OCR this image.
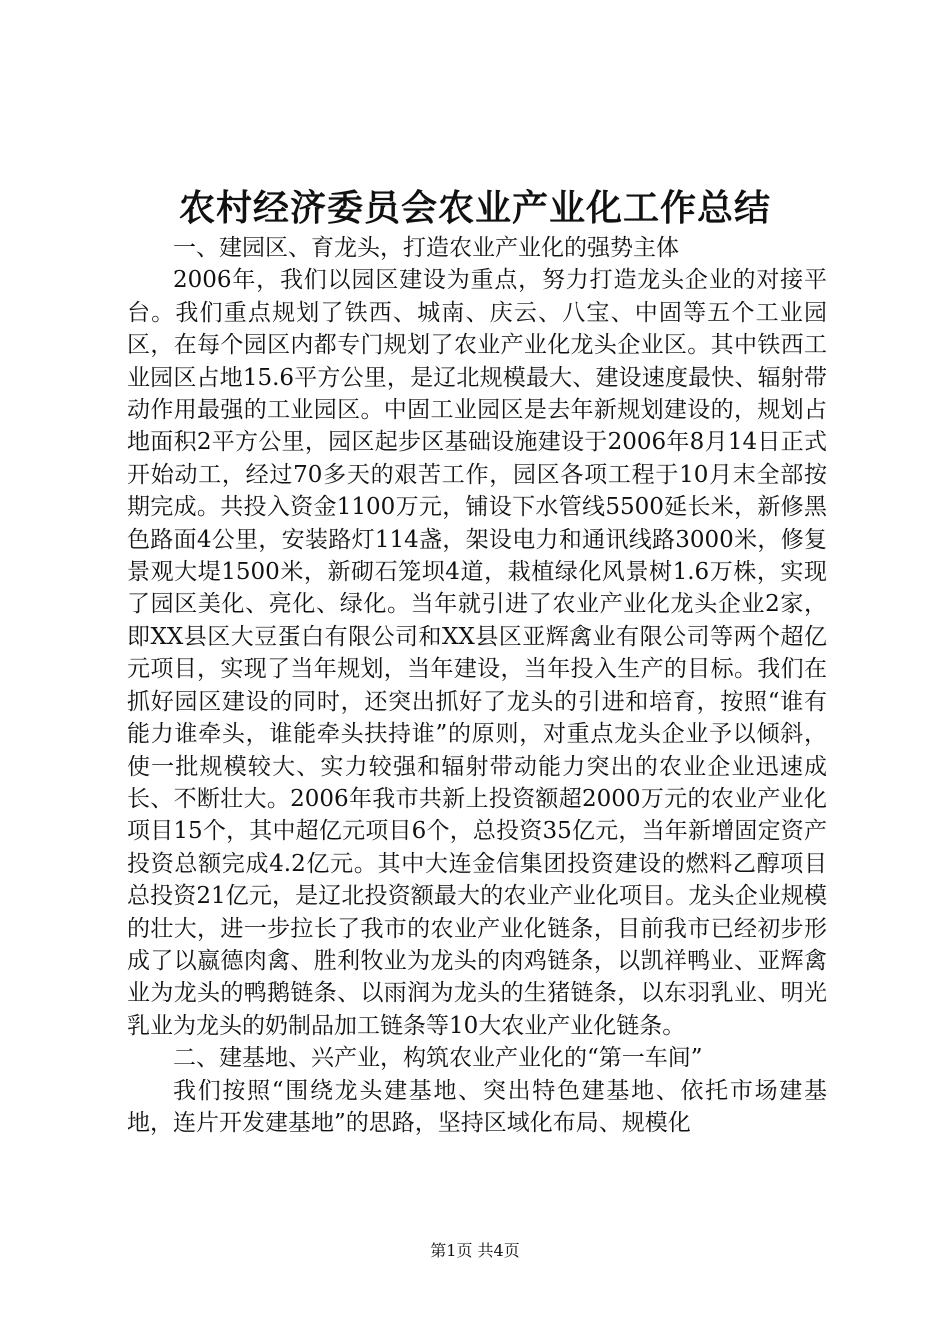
农村经济委员会农业产业化工作总结

一、建园区、育龙头，打造农业产业化的强势主体

2006年，我们以园区建设为重点，努力打造龙头企业的对接平台。我们重点规划了铁西、城南、庆云、八宝、中固等五个工业园区，在每个园区内都专门规划了农业产业化龙头企业区。其中铁西工业园区占地15.6平方公里，是辽北规模最大、建设速度最快、辐射带动作用最强的工业园区。中固工业园区是去年新规划建设的，规划占地面积2平方公里，园区起步区基础设施建设于2006年8月14日正式开始动工，经过70多天的艰苦工作，园区各项工程于10月末全部按期完成。共投入资金1100万元，铺设下水管线5500延长米，新修黑色路面4公里，安装路灯114盏，架设电力和通讯线路3000米，修复景观大堤1500米，新砌石笼坝4道，栽植绿化风景树1.6万株，实现了园区美化、亮化、绿化。当年就引进了农业产业化龙头企业2家，即XX县区大豆蛋白有限公司和XX县区亚辉禽业有限公司等两个超亿元项目，实现了当年规划，当年建设，当年投入生产的目标。我们在抓好园区建设的同时，还突出抓好了龙头的引进和培育，按照“谁有能力谁牵头，谁能牵头扶持谁”的原则，对重点龙头企业予以倾斜，使一批规模较大、实力较强和辐射带动能力突出的农业企业迅速成长、不断壮大。2006年我市共新上投资额超2000万元的农业产业化项目15个，其中超亿元项目6个，总投资35亿元，当年新增固定资产投资总额完成4.2亿元。其中大连金信集团投资建设的燃料乙醇项目总投资21亿元，是辽北投资额最大的农业产业化项目。龙头企业规模的壮大，进一步拉长了我市的农业产业化链条，目前我市已经初步形成了以嬴德肉禽、胜利牧业为龙头的肉鸡链条，以凯祥鸭业、亚辉禽业为龙头的鸭鹅链条、以雨润为龙头的生猪链条，以东羽乳业、明光乳业为龙头的奶制品加工链条等10大农业产业化链条。

二、建基地、兴产业，构筑农业产业化的“第一车间”

我们按照“围绕龙头建基地、突出特色建基地、依托市场建基地，连片开发建基地”的思路，坚持区域化布局、规模化

第1页 共4页
